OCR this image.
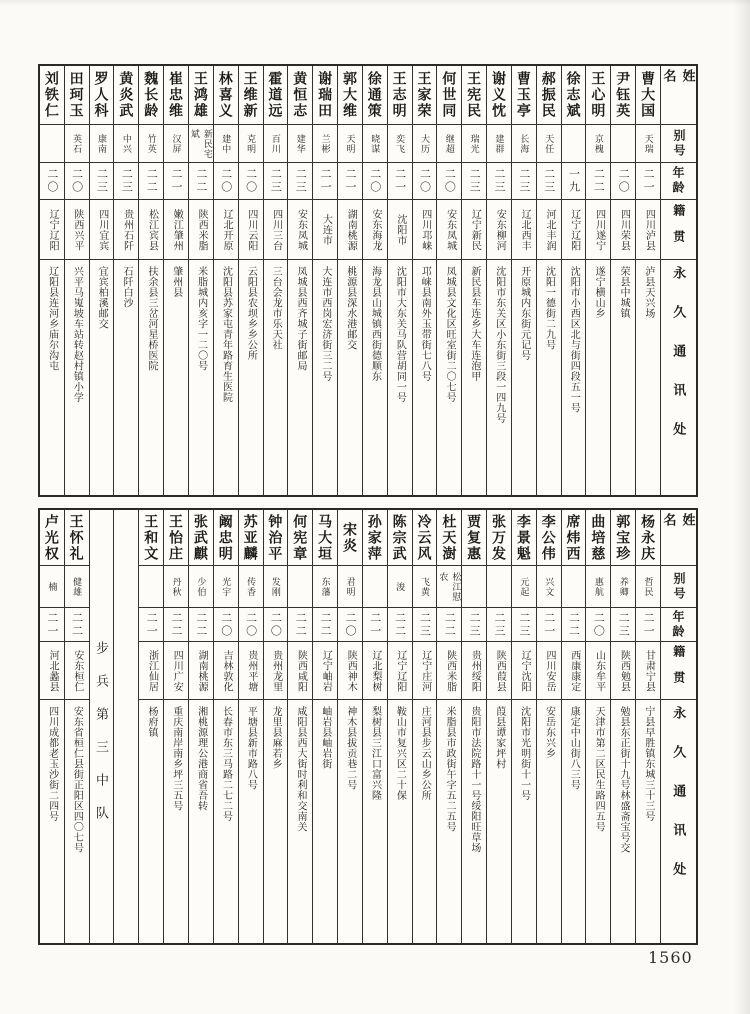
姓名
别号
年龄
籍贯
永久通讯处
曹大国
天瑞
二一
四川泸县
泸县天兴场
尹钰英
二〇
四川荣县
荣县中城镇
王心明
京槐
二二
四川遂宁
遂宁横山乡
徐志斌
一九
辽宁辽阳
沈阳市小西区北与街四段五一号
郝振民
天任
二三
河北丰润
沈阳一德街二九号
曹玉亭
长海
二三
辽北西丰
开原城内东街元记号
谢义忱
建群
二三
安东柳河
沈阳市东关区小东街三段一四九号
王宪民
瑞光
二三
辽宁新民
新民县车连乡大车连泡甲
何世同
继超
二〇
安东凤城
凤城县文化区旺室街二〇七号
王家荣
大历
二〇
四川邛崃
邛崃县南外玉带街七八号
王志明
奕飞
二一
沈阳市
沈阳市大东关马队营胡同一号
徐通策
晓谋
二〇
安东海龙
海龙县山城镇西街德顺东
郭大维
天明
二一
湖南桃源
桃源县深水港邮交
谢瑞田
兰彬
二一
大连市
大连市西岗宏济街三二号
黄恒志
建华
二三
安东凤城
凤城县西齐城子街邮局
霍道远
百川
二三
四川三台
三台会龙市乐天社
王维新
克明
二〇
四川云阳
云阳县农坝乡乡公所
林喜义
建中
二〇
辽北开原
沈阳县苏家屯青年路育生医院
王鸿雄
新民宅斌
二二
陕西米脂
米脂城内亥字一二〇号
崔忠维
汉屏
二一
嫩江肇州
肇州县
魏长龄
竹英
二二
松江宾县
扶余县三岔河星桥医院
黄炎武
中兴
二三
贵州石阡
石阡白沙
罗人科
康南
二三
四川宜宾
宜宾柏溪邮交
田珂玉
英石
二〇
陕西兴平
兴平马嵬坡车站转赵村镇小学
刘铁仁
二〇
辽宁辽阳
辽阳县连河乡庙尔沟屯
姓名
别号
年龄
籍贯
永久通讯处
杨永庆
哲民
二一
甘肃宁县
宁县早胜镇东城三十三号
郭宝珍
养卿
二三
陕西勉县
勉县东正街十九号林盛斋宝号交
曲培慈
惠航
二〇
山东牟平
天津市第二区民生路四五号
席炜西
二二
西康康定
康定中山街八三号
李公伟
兴文
二一
四川安岳
安岳东兴乡
李景魁
元起
二三
辽宁沈阳
沈阳市光明街十一号
张万发
二三
陕西葭县
葭县谭家坪村
贾复惠
二三
贵州绥阳
贵阳市法院路十一号绥阳旺草场
杜天澍
松江慰农
二二
陕西米脂
米脂县市政街午字五二五号
冷云风
飞黄
二三
辽宁庄河
庄河县步云山乡公所
陈宗武
浚
二二
辽宁辽阳
鞍山市复兴区二十保
孙家萍
二一
辽北梨树
梨树县三江口富兴隆
宋炎
君明
二〇
陕西神木
神木县拔贡巷二号
马大垣
东藩
二二
辽宁岫岩
岫岩县岫岩街
何宪章
二二
陕西咸阳
咸阳县西大街时利和交南关
钟治平
发刚
二〇
贵州龙里
龙里县麻若乡
苏亚麟
传香
二〇
贵州平塘
平塘县新市路八号
阚忠明
光宇
二〇
吉林敦化
长春市东三马路二七二号
张武麒
少伯
二二
湖南桃源
湘桃源理公港商省吾转
王怡庄
丹秋
二二
四川广安
重庆南岸南乡坪三五号
王和文
二一
浙江仙居
杨府镇
步兵第三中队
王怀礼
健雄
二二
安东桓仁
安东省桓仁县街正阳区四〇七号
卢光权
楠
二一
河北蠡县
四川成都老玉沙街二四号
1560
